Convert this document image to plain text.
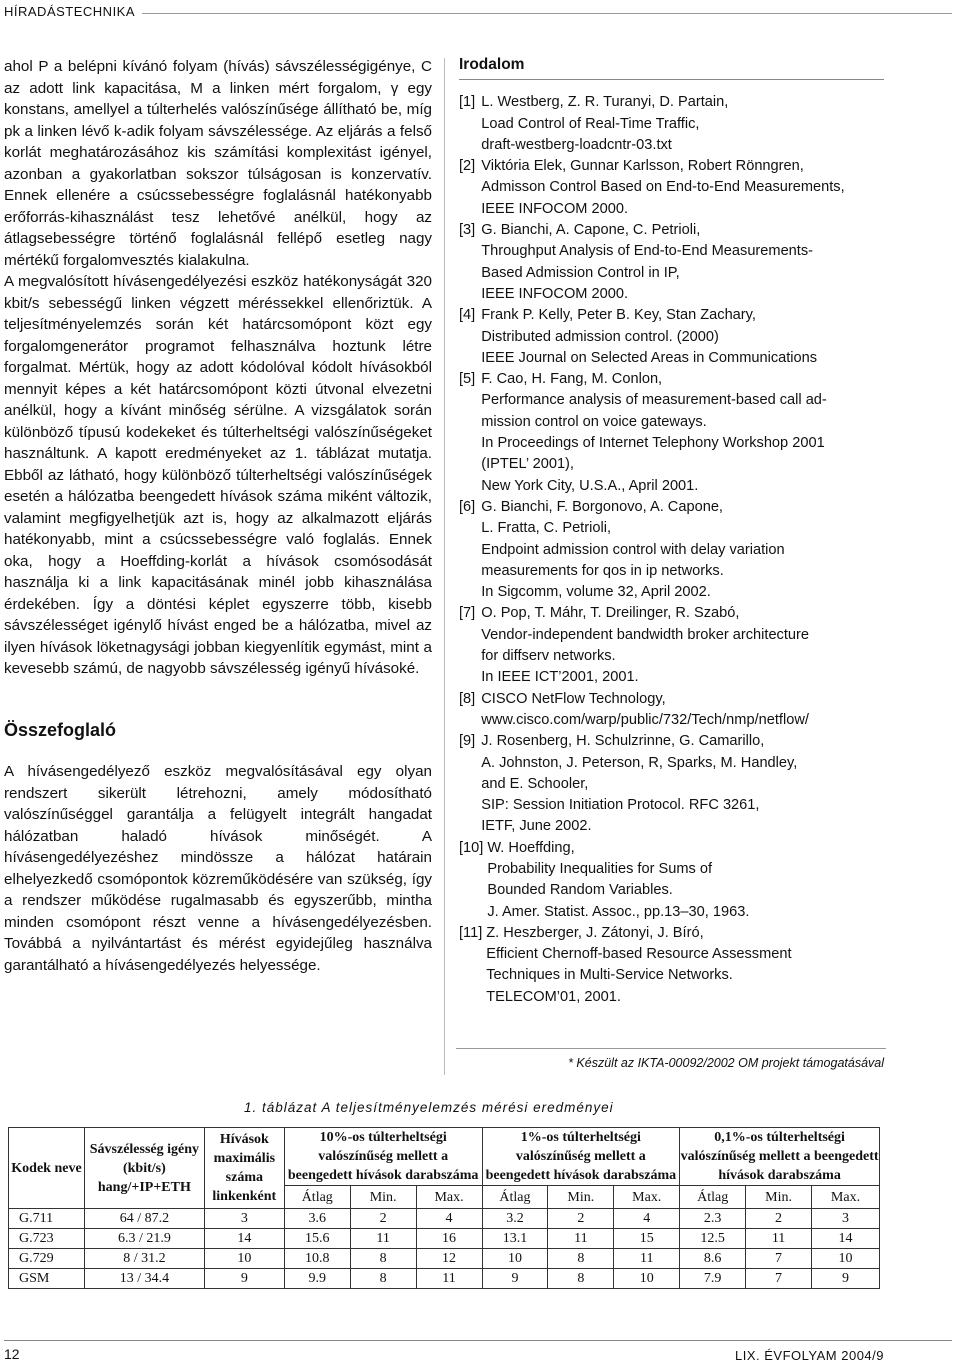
HÍRADÁSTECHNIKA

ahol P a belépni kívánó folyam (hívás) sávszélességigénye, C az adott link kapacitása, M a linken mért forgalom, γ egy konstans, amellyel a túlterhelés valószínűsége állítható be, míg pk a linken lévő k-adik folyam sávszélessége. Az eljárás a felső korlát meghatározásához kis számítási komplexitást igényel, azonban a gyakorlatban sokszor túlságosan is konzervatív. Ennek ellenére a csúcssebességre foglalásnál hatékonyabb erőforrás-kihasználást tesz lehetővé anélkül, hogy az átlagsebességre történő foglalásnál fellépő esetleg nagy mértékű forgalomvesztés kialakulna.

A megvalósított hívásengedélyezési eszköz hatékonyságát 320 kbit/s sebességű linken végzett méréssekkel ellenőriztük. A teljesítményelemzés során két határcsomópont közt egy forgalomgenerátor programot felhasználva hoztunk létre forgalmat. Mértük, hogy az adott kódolóval kódolt hívásokból mennyit képes a két határcsomópont közti útvonal elvezetni anélkül, hogy a kívánt minőség sérülne. A vizsgálatok során különböző típusú kodekeket és túlterheltségi valószínűségeket használtunk. A kapott eredményeket az 1. táblázat mutatja. Ebből az látható, hogy különböző túlterheltségi valószínűségek esetén a hálózatba beengedett hívások száma miként változik, valamint megfigyelhetjük azt is, hogy az alkalmazott eljárás hatékonyabb, mint a csúcssebességre való foglalás. Ennek oka, hogy a Hoeffding-korlát a hívások csomósodását használja ki a link kapacitásának minél jobb kihasználása érdekében. Így a döntési képlet egyszerre több, kisebb sávszélességet igénylő hívást enged be a hálózatba, mivel az ilyen hívások löketnagysági jobban kiegyenlítik egymást, mint a kevesebb számú, de nagyobb sávszélesség igényű hívásoké.

Összefoglaló

A hívásengedélyező eszköz megvalósításával egy olyan rendszert sikerült létrehozni, amely módosítható valószínűséggel garantálja a felügyelt integrált hangadat hálózatban haladó hívások minőségét. A hívásengedélyezéshez mindössze a hálózat határain elhelyezkedő csomópontok közreműködésére van szükség, így a rendszer működése rugalmasabb és egyszerűbb, mintha minden csomópont részt venne a hívásengedélyezésben. Továbbá a nyilvántartást és mérést egyidejűleg használva garantálható a hívásengedélyezés helyessége.

Irodalom
[1] L. Westberg, Z. R. Turanyi, D. Partain,
Load Control of Real-Time Traffic,
draft-westberg-loadcntr-03.txt
[2] Viktória Elek, Gunnar Karlsson, Robert Rönngren,
Admisson Control Based on End-to-End Measurements,
IEEE INFOCOM 2000.
[3] G. Bianchi, A. Capone, C. Petrioli,
Throughput Analysis of End-to-End Measurements-
Based Admission Control in IP,
IEEE INFOCOM 2000.
[4] Frank P. Kelly, Peter B. Key, Stan Zachary,
Distributed admission control. (2000)
IEEE Journal on Selected Areas in Communications
[5] F. Cao, H. Fang, M. Conlon,
Performance analysis of measurement-based call ad-
mission control on voice gateways.
In Proceedings of Internet Telephony Workshop 2001
(IPTEL’ 2001),
New York City, U.S.A., April 2001.
[6] G. Bianchi, F. Borgonovo, A. Capone,
L. Fratta, C. Petrioli,
Endpoint admission control with delay variation
measurements for qos in ip networks.
In Sigcomm, volume 32, April 2002.
[7] O. Pop, T. Máhr, T. Dreilinger, R. Szabó,
Vendor-independent bandwidth broker architecture
for diffserv networks.
In IEEE ICT’2001, 2001.
[8] CISCO NetFlow Technology,
www.cisco.com/warp/public/732/Tech/nmp/netflow/
[9] J. Rosenberg, H. Schulzrinne, G. Camarillo,
A. Johnston, J. Peterson, R, Sparks, M. Handley,
and E. Schooler,
SIP: Session Initiation Protocol. RFC 3261,
IETF, June 2002.
[10] W. Hoeffding,
Probability Inequalities for Sums of
Bounded Random Variables.
J. Amer. Statist. Assoc., pp.13–30, 1963.
[11] Z. Heszberger, J. Zátonyi, J. Bíró,
Efficient Chernoff-based Resource Assessment
Techniques in Multi-Service Networks.
TELECOM’01, 2001.
* Készült az IKTA-00092/2002 OM projekt támogatásával
1. táblázat A teljesítményelemzés mérési eredményei
Kodek neve	Sávszélesség igény (kbit/s) hang/+IP+ETH	Hívások maximális száma linkenként	10%-os túlterheltségi valószínűség mellett a beengedett hívások darabszáma			1%-os túlterheltségi valószínűség mellett a beengedett hívások darabszáma			0,1%-os túlterheltségi valószínűség mellett a beengedett hívások darabszáma		
			Átlag	Min.	Max.	Átlag	Min.	Max.	Átlag	Min.	Max.
G.711	64 / 87.2	3	3.6	2	4	3.2	2	4	2.3	2	3
G.723	6.3 / 21.9	14	15.6	11	16	13.1	11	15	12.5	11	14
G.729	8 / 31.2	10	10.8	8	12	10	8	11	8.6	7	10
GSM	13 / 34.4	9	9.9	8	11	9	8	10	7.9	7	9
12	LIX. ÉVFOLYAM 2004/9
